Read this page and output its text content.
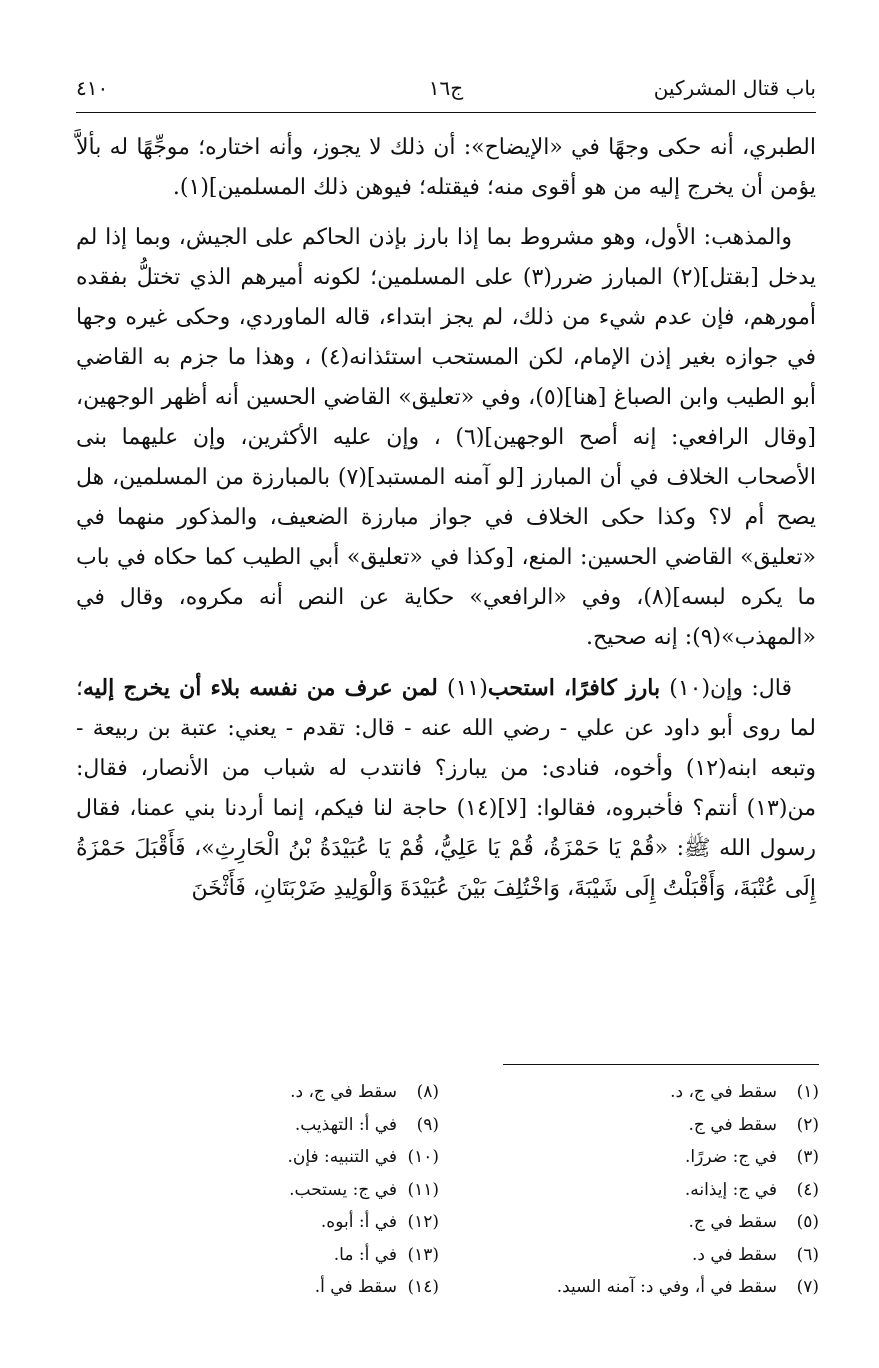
باب قتال المشركين
ج١٦
٤١٠

الطبري، أنه حكى وجهًا في «الإيضاح»: أن ذلك لا يجوز، وأنه اختاره؛ موجِّهًا له بألاَّ يؤمن أن يخرج إليه من هو أقوى منه؛ فيقتله؛ فيوهن ذلك المسلمين](١).

والمذهب: الأول، وهو مشروط بما إذا بارز بإذن الحاكم على الجيش، وبما إذا لم يدخل [بقتل](٢) المبارز ضرر(٣) على المسلمين؛ لكونه أميرهم الذي تختلُّ بفقده أمورهم، فإن عدم شيء من ذلك، لم يجز ابتداء، قاله الماوردي، وحكى غيره وجها في جوازه بغير إذن الإمام، لكن المستحب استئذانه(٤) ، وهذا ما جزم به القاضي أبو الطيب وابن الصباغ [هنا](٥)، وفي «تعليق» القاضي الحسين أنه أظهر الوجهين، [وقال الرافعي: إنه أصح الوجهين](٦) ، وإن عليه الأكثرين، وإن عليهما بنى الأصحاب الخلاف في أن المبارز [لو آمنه المستبد](٧) بالمبارزة من المسلمين، هل يصح أم لا؟ وكذا حكى الخلاف في جواز مبارزة الضعيف، والمذكور منهما في «تعليق» القاضي الحسين: المنع، [وكذا في «تعليق» أبي الطيب كما حكاه في باب ما يكره لبسه](٨)، وفي «الرافعي» حكاية عن النص أنه مكروه، وقال في «المهذب»(٩): إنه صحيح.

قال: وإن(١٠) بارز كافرًا، استحب(١١) لمن عرف من نفسه بلاء أن يخرج إليه؛ لما روى أبو داود عن علي - رضي الله عنه - قال: تقدم - يعني: عتبة بن ربيعة - وتبعه ابنه(١٢) وأخوه، فنادى: من يبارز؟ فانتدب له شباب من الأنصار، فقال: من(١٣) أنتم؟ فأخبروه، فقالوا: [لا](١٤) حاجة لنا فيكم، إنما أردنا بني عمنا، فقال رسول الله ﷺ: «قُمْ يَا حَمْزَةُ، قُمْ يَا عَلِيُّ، قُمْ يَا عُبَيْدَةُ بْنُ الْحَارِثِ»، فَأَقْبَلَ حَمْزَةُ إِلَى عُتْبَةَ، وَأَقْبَلْتُ إِلَى شَيْبَةَ، وَاخْتُلِفَ بَيْنَ عُبَيْدَةَ وَالْوَلِيدِ ضَرْبَتَانِ، فَأَثْخَنَ

(١)سقط في ج، د.
(٢)سقط في ج.
(٣)في ج: ضررًا.
(٤)في ج: إيذانه.
(٥)سقط في ج.
(٦)سقط في د.
(٧)سقط في أ، وفي د: آمنه السيد.
(٨)سقط في ج، د.
(٩)في أ: التهذيب.
(١٠)في التنبيه: فإن.
(١١)في ج: يستحب.
(١٢)في أ: أبوه.
(١٣)في أ: ما.
(١٤)سقط في أ.
